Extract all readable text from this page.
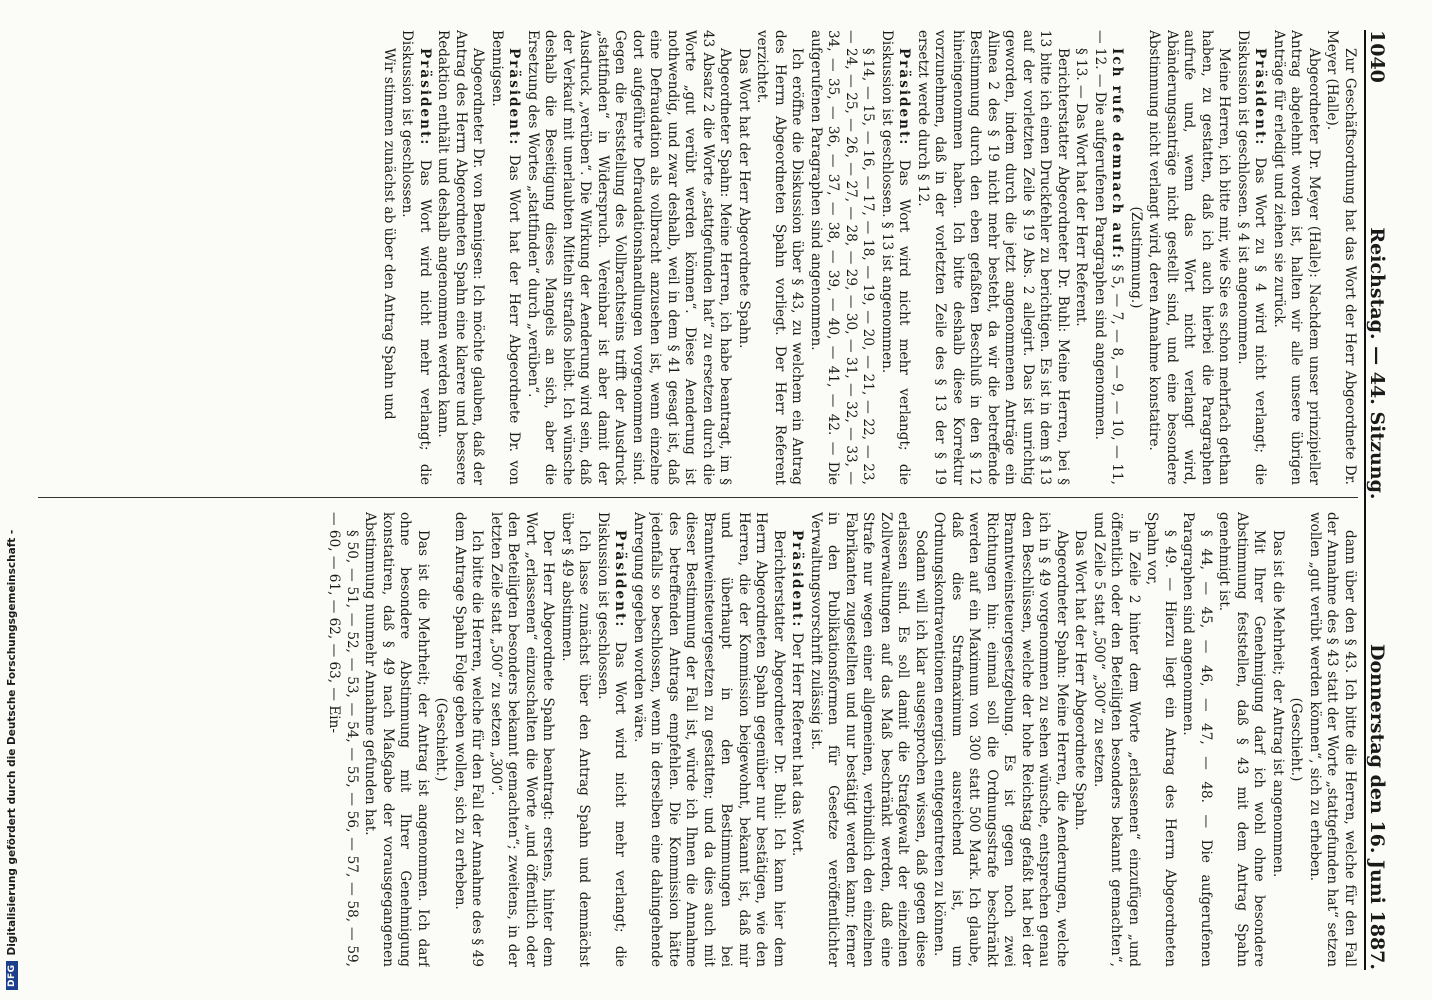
1040
Reichstag. — 44. Sitzung.
Donnerstag den 16. Juni 1887.

Zur Geschäftsordnung hat das Wort der Herr Abgeordnete Dr. Meyer (Halle).

Abgeordneter Dr. Meyer (Halle): Nachdem unser prinzipieller Antrag abgelehnt worden ist, halten wir alle unsere übrigen Anträge für erledigt und ziehen sie zurück.

Präsident: Das Wort zu § 4 wird nicht verlangt; die Diskussion ist geschlossen. § 4 ist angenommen.

Meine Herren, ich bitte mir, wie Sie es schon mehrfach gethan haben, zu gestatten, daß ich auch hierbei die Paragraphen aufrufe und, wenn das Wort nicht verlangt wird, Abänderungsanträge nicht gestellt sind, und eine besondere Abstimmung nicht verlangt wird, deren Annahme konstatire.

(Zustimmung.)

Ich rufe demnach auf: § 5, — 7, — 8, — 9, — 10, — 11, — 12. — Die aufgerufenen Paragraphen sind angenommen.

§ 13. — Das Wort hat der Herr Referent.

Berichterstatter Abgeordneter Dr. Buhl: Meine Herren, bei § 13 bitte ich einen Druckfehler zu berichtigen. Es ist in dem § 13 auf der vorletzten Zeile § 19 Abs. 2 allegirt. Das ist unrichtig geworden, indem durch die jetzt angenommenen Anträge ein Alinea 2 des § 19 nicht mehr besteht, da wir die betreffende Bestimmung durch den eben gefaßten Beschluß in den § 12 hineingenommen haben. Ich bitte deshalb diese Korrektur vorzunehmen, daß in der vorletzten Zeile des § 13 der § 19 ersetzt werde durch § 12.

Präsident: Das Wort wird nicht mehr verlangt; die Diskussion ist geschlossen. § 13 ist angenommen.

§ 14, — 15, — 16, — 17, — 18, — 19, — 20, — 21, — 22, — 23, — 24, — 25, — 26, — 27, — 28, — 29, — 30, — 31, — 32, — 33, — 34, — 35, — 36, — 37, — 38, — 39, — 40, — 41, — 42. — Die aufgerufenen Paragraphen sind angenommen.

Ich eröffne die Diskussion über § 43, zu welchem ein Antrag des Herrn Abgeordneten Spahn vorliegt. Der Herr Referent verzichtet.

Das Wort hat der Herr Abgeordnete Spahn.

Abgeordneter Spahn: Meine Herren, ich habe beantragt, im § 43 Absatz 2 die Worte „stattgefunden hat“ zu ersetzen durch die Worte „gut verübt werden können“. Diese Aenderung ist nothwendig, und zwar deshalb, weil in dem § 41 gesagt ist, daß eine Defraudation als vollbracht anzusehen ist, wenn einzelne dort aufgeführte Defraudationshandlungen vorgenommen sind. Gegen die Feststellung des Vollbrachtseins trifft der Ausdruck „stattfinden“ in Widerspruch. Vereinbar ist aber damit der Ausdruck „verüben“. Die Wirkung der Aenderung wird sein, daß der Verkauf mit unerlaubten Mitteln straflos bleibt. Ich wünsche deshalb die Beseitigung dieses Mangels an sich, aber die Ersetzung des Wortes „stattfinden“ durch „verüben“.

Präsident: Das Wort hat der Herr Abgeordnete Dr. von Bennigsen.

Abgeordneter Dr. von Bennigsen: Ich möchte glauben, daß der Antrag des Herrn Abgeordneten Spahn eine klarere und bessere Redaktion enthält und deshalb angenommen werden kann.

Präsident: Das Wort wird nicht mehr verlangt; die Diskussion ist geschlossen.

Wir stimmen zunächst ab über den Antrag Spahn und

dann über den § 43. Ich bitte die Herren, welche für den Fall der Annahme des § 43 statt der Worte „stattgefunden hat“ setzen wollen „gut verübt werden können“, sich zu erheben.

(Geschieht.)

Das ist die Mehrheit; der Antrag ist angenommen.

Mit Ihrer Genehmigung darf ich wohl ohne besondere Abstimmung feststellen, daß § 43 mit dem Antrag Spahn genehmigt ist.

§ 44, — 45, — 46, — 47, — 48. — Die aufgerufenen Paragraphen sind angenommen.

§ 49. — Hierzu liegt ein Antrag des Herrn Abgeordneten Spahn vor,

in Zeile 2 hinter dem Worte „erlassenen“ einzufügen „und öffentlich oder den Beteiligten besonders bekannt gemachten“, und Zeile 5 statt „500“ „300“ zu setzen.

Das Wort hat der Herr Abgeordnete Spahn.

Abgeordneter Spahn: Meine Herren, die Aenderungen, welche ich in § 49 vorgenommen zu sehen wünsche, entsprechen genau den Beschlüssen, welche der hohe Reichstag gefaßt hat bei der Branntweinsteuergesetzgebung. Es ist gegen noch zwei Richtungen hin: einmal soll die Ordnungsstrafe beschränkt werden auf ein Maximum von 300 statt 500 Mark. Ich glaube, daß dies Strafmaximum ausreichend ist, um Ordnungskontraventionen energisch entgegentreten zu können.

Sodann will ich klar ausgesprochen wissen, daß gegen diese erlassen sind. Es soll damit die Strafgewalt der einzelnen Zollverwaltungen auf das Maß beschränkt werden, daß eine Strafe nur wegen einer allgemeinen, verbindlich den einzelnen Fabrikanten zugestellten und nur bestätigt werden kann; ferner in den Publikationsformen für Gesetze veröffentlichter Verwaltungsvorschrift zulässig ist.

Präsident: Der Herr Referent hat das Wort.

Berichterstatter Abgeordneter Dr. Buhl: Ich kann hier dem Herrn Abgeordneten Spahn gegenüber nur bestätigen, wie den Herren, die der Kommission beigewohnt, bekannt ist, daß mir und überhaupt in den Bestimmungen bei Branntweinsteuergesetzen zu gestatten; und da dies auch mit dieser Bestimmung der Fall ist, würde ich Ihnen die Annahme des betreffenden Antrags empfehlen. Die Kommission hätte jedenfalls so beschlossen, wenn in derselben eine dahingehende Anregung gegeben worden wäre.

Präsident: Das Wort wird nicht mehr verlangt; die Diskussion ist geschlossen.

Ich lasse zunächst über den Antrag Spahn und demnächst über § 49 abstimmen.

Der Herr Abgeordnete Spahn beantragt: erstens, hinter dem Wort „erlassenen“ einzuschalten die Worte „und öffentlich oder den Beteiligten besonders bekannt gemachten“; zweitens, in der letzten Zeile statt „500“ zu setzen „300“.

Ich bitte die Herren, welche für den Fall der Annahme des § 49 dem Antrage Spahn Folge geben wollen, sich zu erheben.

(Geschieht.)

Das ist die Mehrheit; der Antrag ist angenommen. Ich darf ohne besondere Abstimmung mit Ihrer Genehmigung konstatiren, daß § 49 nach Maßgabe der vorausgegangenen Abstimmung nunmehr Annahme gefunden hat.

§ 50, — 51, — 52, — 53, — 54, — 55, — 56, — 57, — 58, — 59, — 60, — 61, — 62, — 63, — Ein-

DFG
Digitalisierung gefördert durch die Deutsche Forschungsgemeinschaft -
